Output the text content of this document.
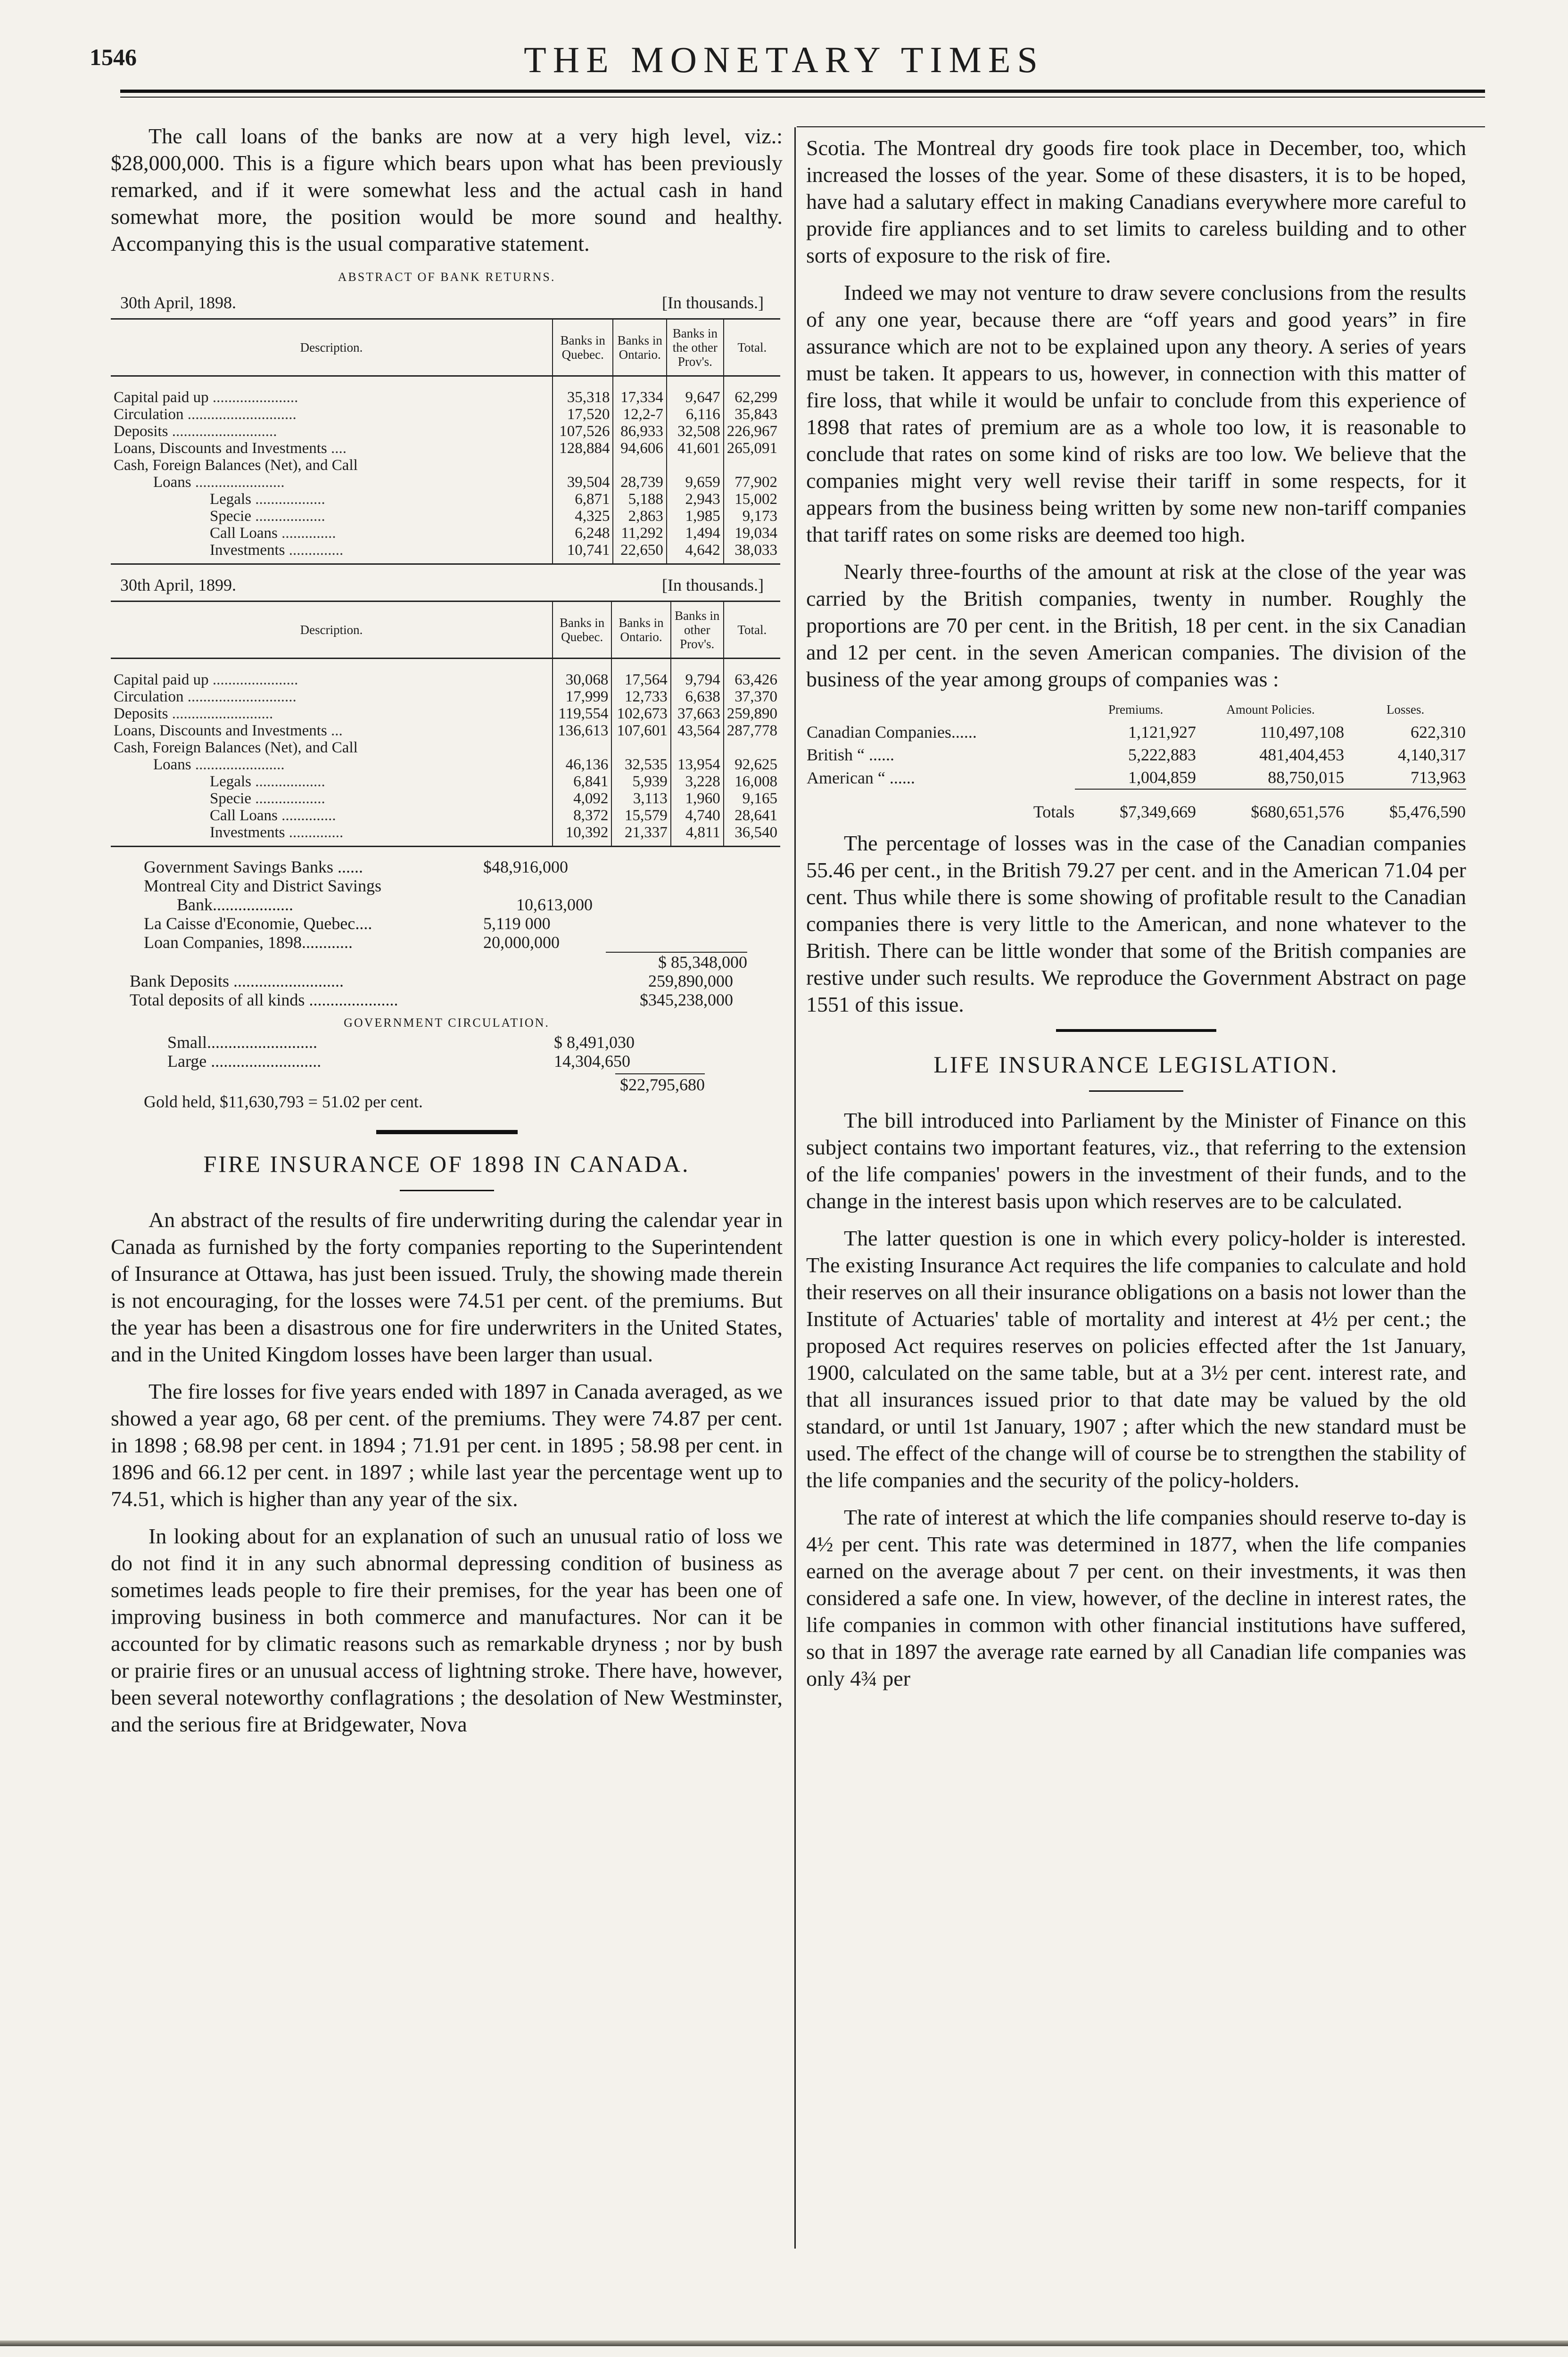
1546	THE MONETARY TIMES

The call loans of the banks are now at a very high level, viz.: $28,000,000. This is a figure which bears upon what has been previously remarked, and if it were somewhat less and the actual cash in hand somewhat more, the position would be more sound and healthy. Accompanying this is the usual comparative statement.

ABSTRACT OF BANK RETURNS.
30th April, 1898.	[In thousands.]
Description.	Banks in Quebec.	Banks in Ontario.	Banks in the other Prov's.	Total.
Capital paid up ......................	35,318	17,334	9,647	62,299
Circulation ............................	17,520	12,2-7	6,116	35,843
Deposits ...........................	107,526	86,933	32,508	226,967
Loans, Discounts and Investments ....	128,884	94,606	41,601	265,091
Cash, Foreign Balances (Net), and Call				
Loans .......................	39,504	28,739	9,659	77,902
Legals ..................	6,871	5,188	2,943	15,002
Specie ..................	4,325	2,863	1,985	9,173
Call Loans ..............	6,248	11,292	1,494	19,034
Investments ..............	10,741	22,650	4,642	38,033
30th April, 1899.	[In thousands.]
Description.	Banks in Quebec.	Banks in Ontario.	Banks in other Prov's.	Total.
Capital paid up ......................	30,068	17,564	9,794	63,426
Circulation ............................	17,999	12,733	6,638	37,370
Deposits ..........................	119,554	102,673	37,663	259,890
Loans, Discounts and Investments ...	136,613	107,601	43,564	287,778
Cash, Foreign Balances (Net), and Call				
Loans .......................	46,136	32,535	13,954	92,625
Legals ..................	6,841	5,939	3,228	16,008
Specie ..................	4,092	3,113	1,960	9,165
Call Loans ..............	8,372	15,579	4,740	28,641
Investments ..............	10,392	21,337	4,811	36,540
Government Savings Banks ......	$48,916,000
Montreal City and District Savings
Bank...................	10,613,000
La Caisse d'Economie, Quebec....	5,119 000
Loan Companies, 1898............	20,000,000
$ 85,348,000
Bank Deposits ..........................	259,890,000
Total deposits of all kinds .....................	$345,238,000
GOVERNMENT CIRCULATION.
Small..........................	$ 8,491,030
Large ..........................	14,304,650
Gold held, $11,630,793 = 51.02 per cent.
$22,795,680
FIRE INSURANCE OF 1898 IN CANADA.

An abstract of the results of fire underwriting during the calendar year in Canada as furnished by the forty companies reporting to the Superintendent of Insurance at Ottawa, has just been issued. Truly, the showing made therein is not encouraging, for the losses were 74.51 per cent. of the premiums. But the year has been a disastrous one for fire underwriters in the United States, and in the United Kingdom losses have been larger than usual.

The fire losses for five years ended with 1897 in Canada averaged, as we showed a year ago, 68 per cent. of the premiums. They were 74.87 per cent. in 1898 ; 68.98 per cent. in 1894 ; 71.91 per cent. in 1895 ; 58.98 per cent. in 1896 and 66.12 per cent. in 1897 ; while last year the percentage went up to 74.51, which is higher than any year of the six.

In looking about for an explanation of such an unusual ratio of loss we do not find it in any such abnormal depressing condition of business as sometimes leads people to fire their premises, for the year has been one of improving business in both commerce and manufactures. Nor can it be accounted for by climatic reasons such as remarkable dryness ; nor by bush or prairie fires or an unusual access of lightning stroke. There have, however, been several noteworthy conflagrations ; the desolation of New Westminster, and the serious fire at Bridgewater, Nova

Scotia. The Montreal dry goods fire took place in December, too, which increased the losses of the year. Some of these disasters, it is to be hoped, have had a salutary effect in making Canadians everywhere more careful to provide fire appliances and to set limits to careless building and to other sorts of exposure to the risk of fire.

Indeed we may not venture to draw severe conclusions from the results of any one year, because there are “off years and good years” in fire assurance which are not to be explained upon any theory. A series of years must be taken. It appears to us, however, in connection with this matter of fire loss, that while it would be unfair to conclude from this experience of 1898 that rates of premium are as a whole too low, it is reasonable to conclude that rates on some kind of risks are too low. We believe that the companies might very well revise their tariff in some respects, for it appears from the business being written by some new non-tariff companies that tariff rates on some risks are deemed too high.

Nearly three-fourths of the amount at risk at the close of the year was carried by the British companies, twenty in number. Roughly the proportions are 70 per cent. in the British, 18 per cent. in the six Canadian and 12 per cent. in the seven American companies. The division of the business of the year among groups of companies was :

	Premiums.	Amount Policies.	Losses.
Canadian Companies......	1,121,927	110,497,108	622,310
British “ ......	5,222,883	481,404,453	4,140,317
American “ ......	1,004,859	88,750,015	713,963
Totals	$7,349,669	$680,651,576	$5,476,590

The percentage of losses was in the case of the Canadian companies 55.46 per cent., in the British 79.27 per cent. and in the American 71.04 per cent. Thus while there is some showing of profitable result to the Canadian companies there is very little to the American, and none whatever to the British. There can be little wonder that some of the British companies are restive under such results. We reproduce the Government Abstract on page 1551 of this issue.

LIFE INSURANCE LEGISLATION.

The bill introduced into Parliament by the Minister of Finance on this subject contains two important features, viz., that referring to the extension of the life companies' powers in the investment of their funds, and to the change in the interest basis upon which reserves are to be calculated.

The latter question is one in which every policy-holder is interested. The existing Insurance Act requires the life companies to calculate and hold their reserves on all their insurance obligations on a basis not lower than the Institute of Actuaries' table of mortality and interest at 4½ per cent.; the proposed Act requires reserves on policies effected after the 1st January, 1900, calculated on the same table, but at a 3½ per cent. interest rate, and that all insurances issued prior to that date may be valued by the old standard, or until 1st January, 1907 ; after which the new standard must be used. The effect of the change will of course be to strengthen the stability of the life companies and the security of the policy-holders.

The rate of interest at which the life companies should reserve to-day is 4½ per cent. This rate was determined in 1877, when the life companies earned on the average about 7 per cent. on their investments, it was then considered a safe one. In view, however, of the decline in interest rates, the life companies in common with other financial institutions have suffered, so that in 1897 the average rate earned by all Canadian life companies was only 4¾ per
